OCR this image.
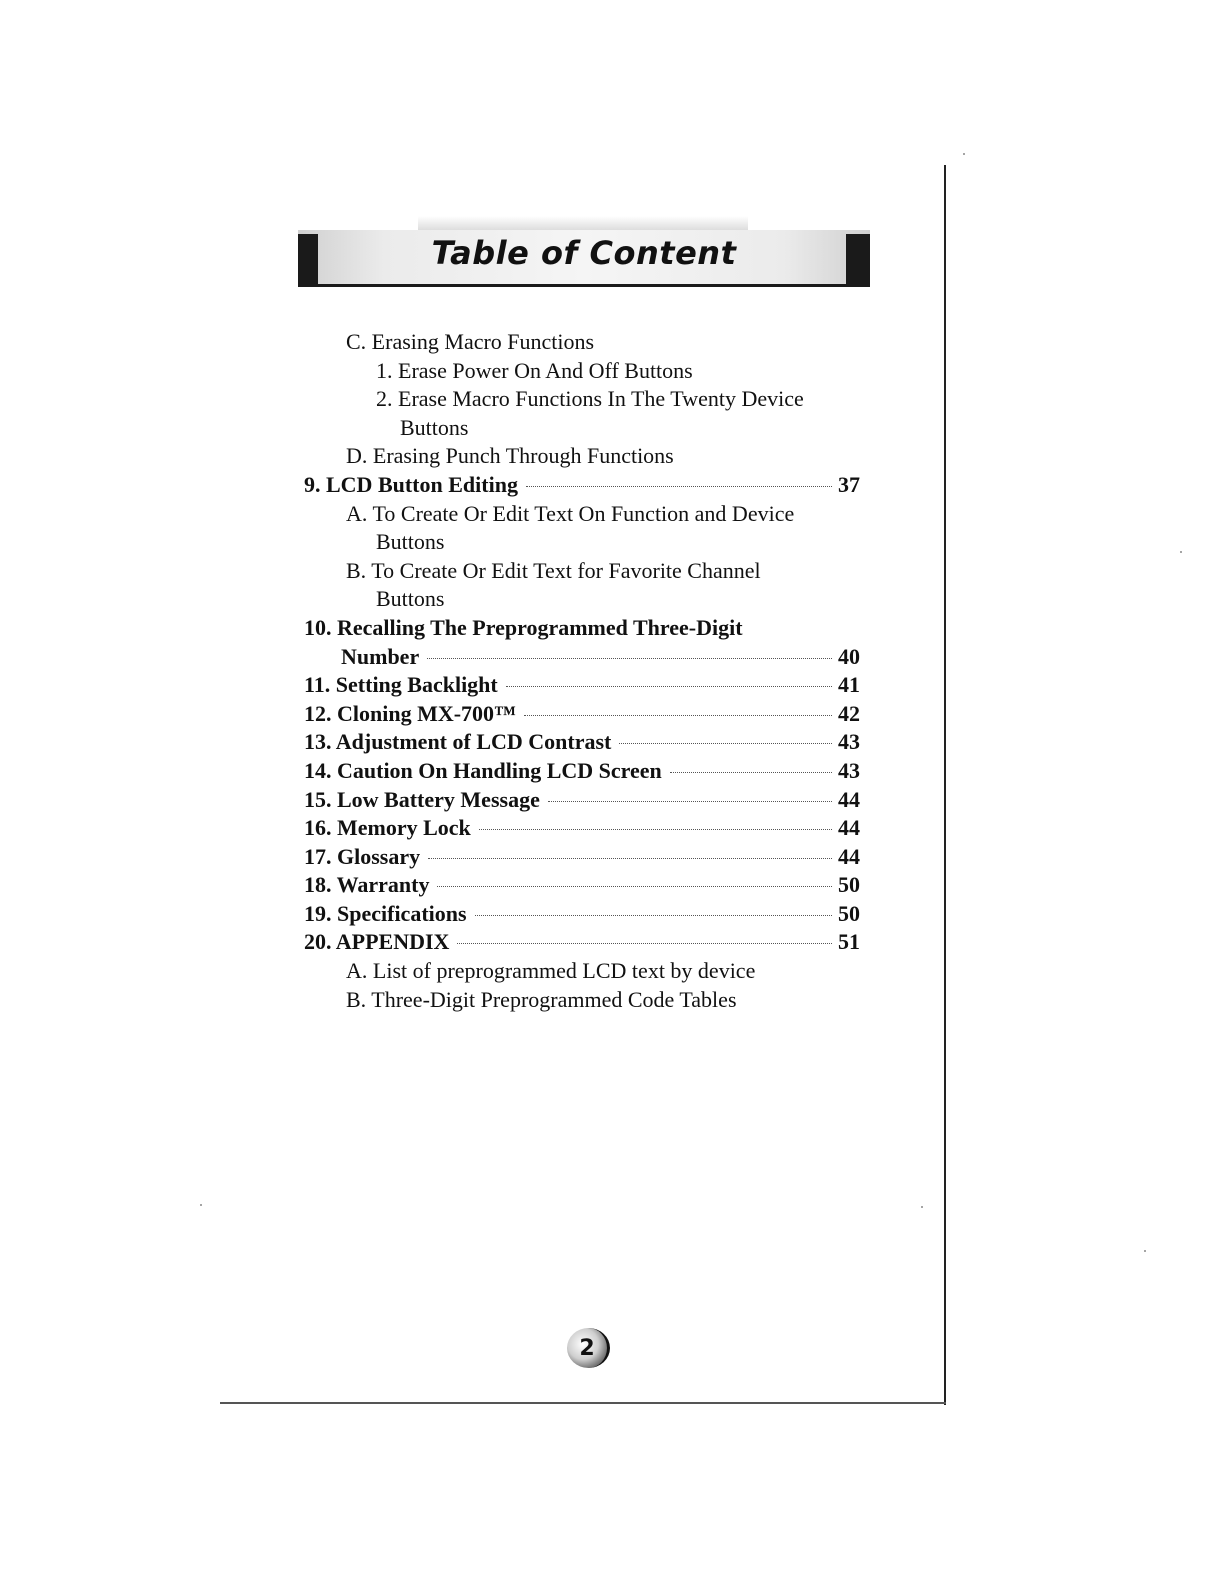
Table of Content
C. Erasing Macro Functions
1. Erase Power On And Off Buttons
2. Erase Macro Functions In The Twenty Device
Buttons
D. Erasing Punch Through Functions
9. LCD Button Editing	37
A. To Create Or Edit Text On Function and Device
Buttons
B. To Create Or Edit Text for Favorite Channel
Buttons
10. Recalling The Preprogrammed Three-Digit
Number	40
11. Setting Backlight	41
12. Cloning MX-700™	42
13. Adjustment of LCD Contrast	43
14. Caution On Handling LCD Screen	43
15. Low Battery Message	44
16. Memory Lock	44
17. Glossary	44
18. Warranty	50
19. Specifications	50
20. APPENDIX	51
A. List of preprogrammed LCD text by device
B. Three-Digit Preprogrammed Code Tables
2
